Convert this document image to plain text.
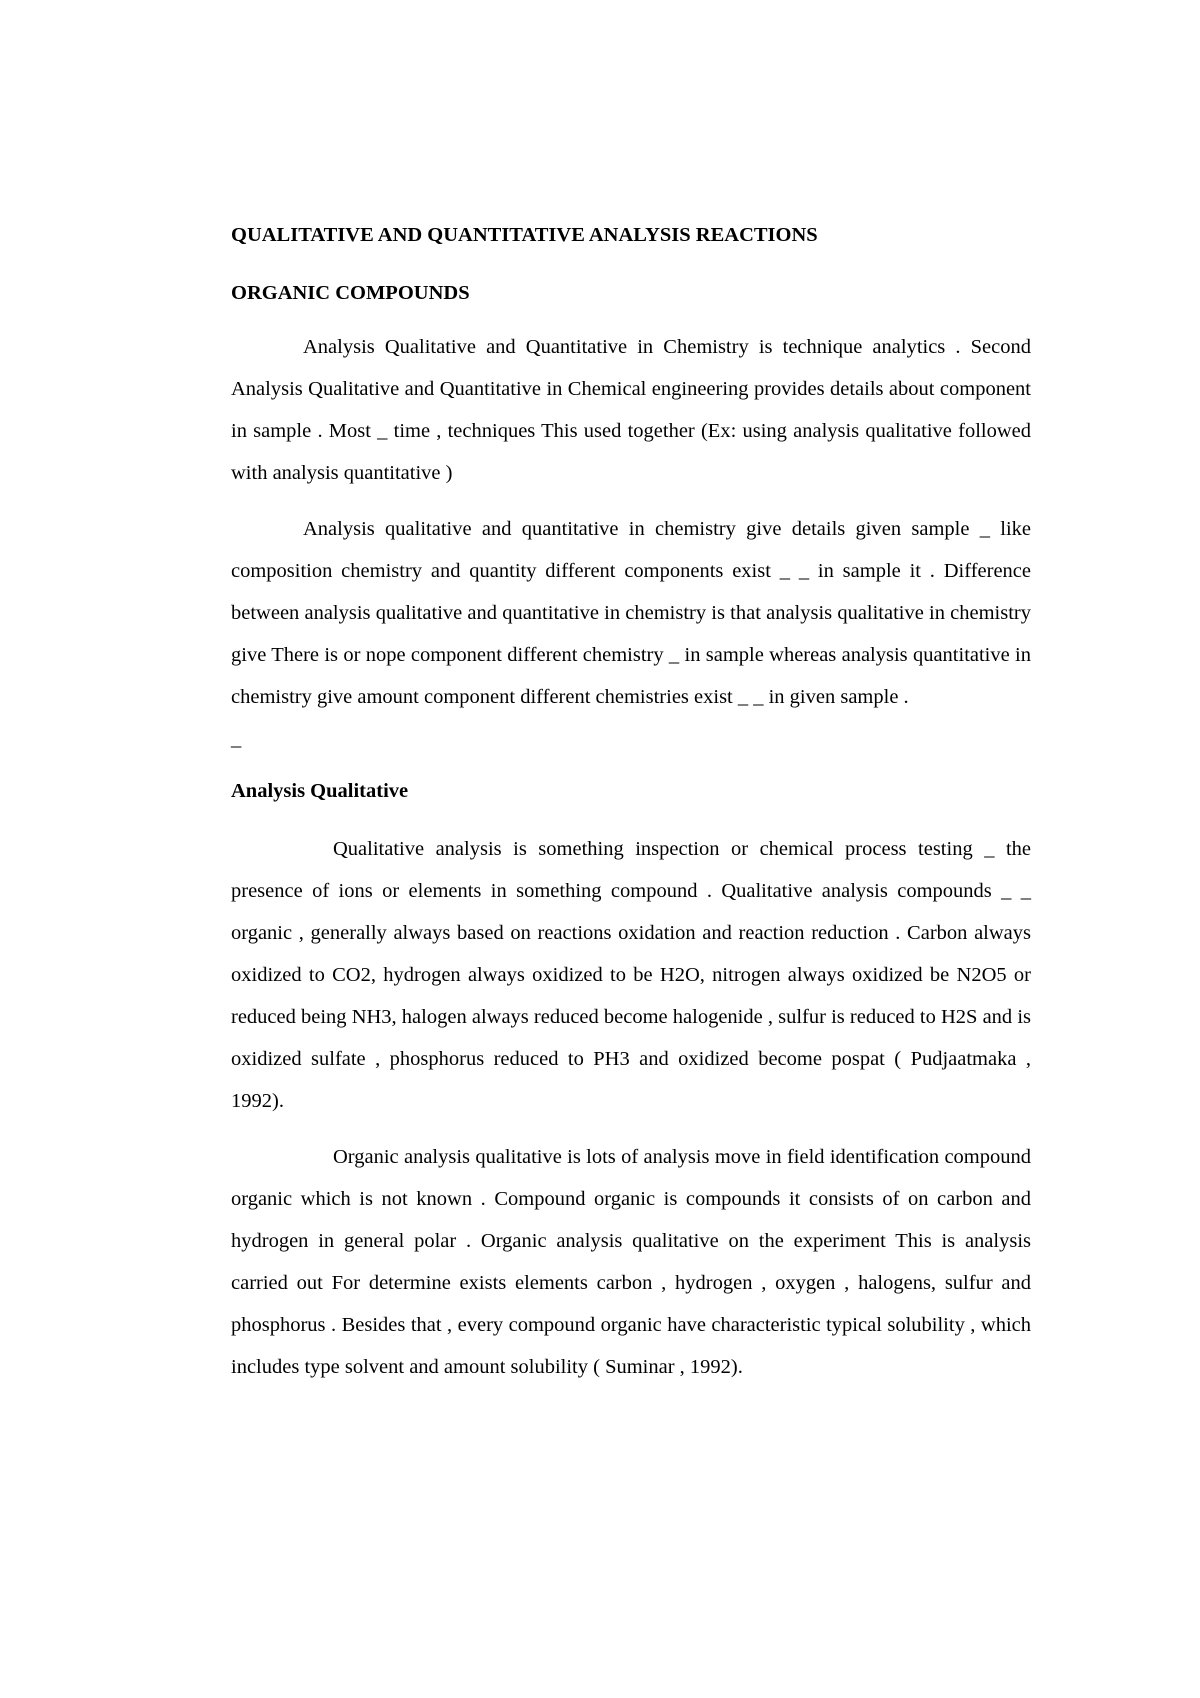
QUALITATIVE AND QUANTITATIVE ANALYSIS REACTIONS
ORGANIC COMPOUNDS

Analysis Qualitative and Quantitative in Chemistry is technique analytics . Second Analysis Qualitative and Quantitative in Chemical engineering provides details about component in sample . Most _ time , techniques This used together (Ex: using analysis qualitative followed with analysis quantitative )

Analysis qualitative and quantitative in chemistry give details given sample _ like composition chemistry and quantity different components exist _ _ in sample it . Difference between analysis qualitative and quantitative in chemistry is that analysis qualitative in chemistry give There is or nope component different chemistry _ in sample whereas analysis quantitative in chemistry give amount component different chemistries exist _ _ in given sample .

_
Analysis Qualitative

Qualitative analysis is something inspection or chemical process testing _ the presence of ions or elements in something compound . Qualitative analysis compounds _ _ organic , generally always based on reactions oxidation and reaction reduction . Carbon always oxidized to CO2, hydrogen always oxidized to be H2O, nitrogen always oxidized be N2O5 or reduced being NH3, halogen always reduced become halogenide , sulfur is reduced to H2S and is oxidized sulfate , phosphorus reduced to PH3 and oxidized become pospat ( Pudjaatmaka , 1992).

Organic analysis qualitative is lots of analysis move in field identification compound organic which is not known . Compound organic is compounds it consists of on carbon and hydrogen in general polar . Organic analysis qualitative on the experiment This is analysis carried out For determine exists elements carbon , hydrogen , oxygen , halogens, sulfur and phosphorus . Besides that , every compound organic have characteristic typical solubility , which includes type solvent and amount solubility ( Suminar , 1992).
